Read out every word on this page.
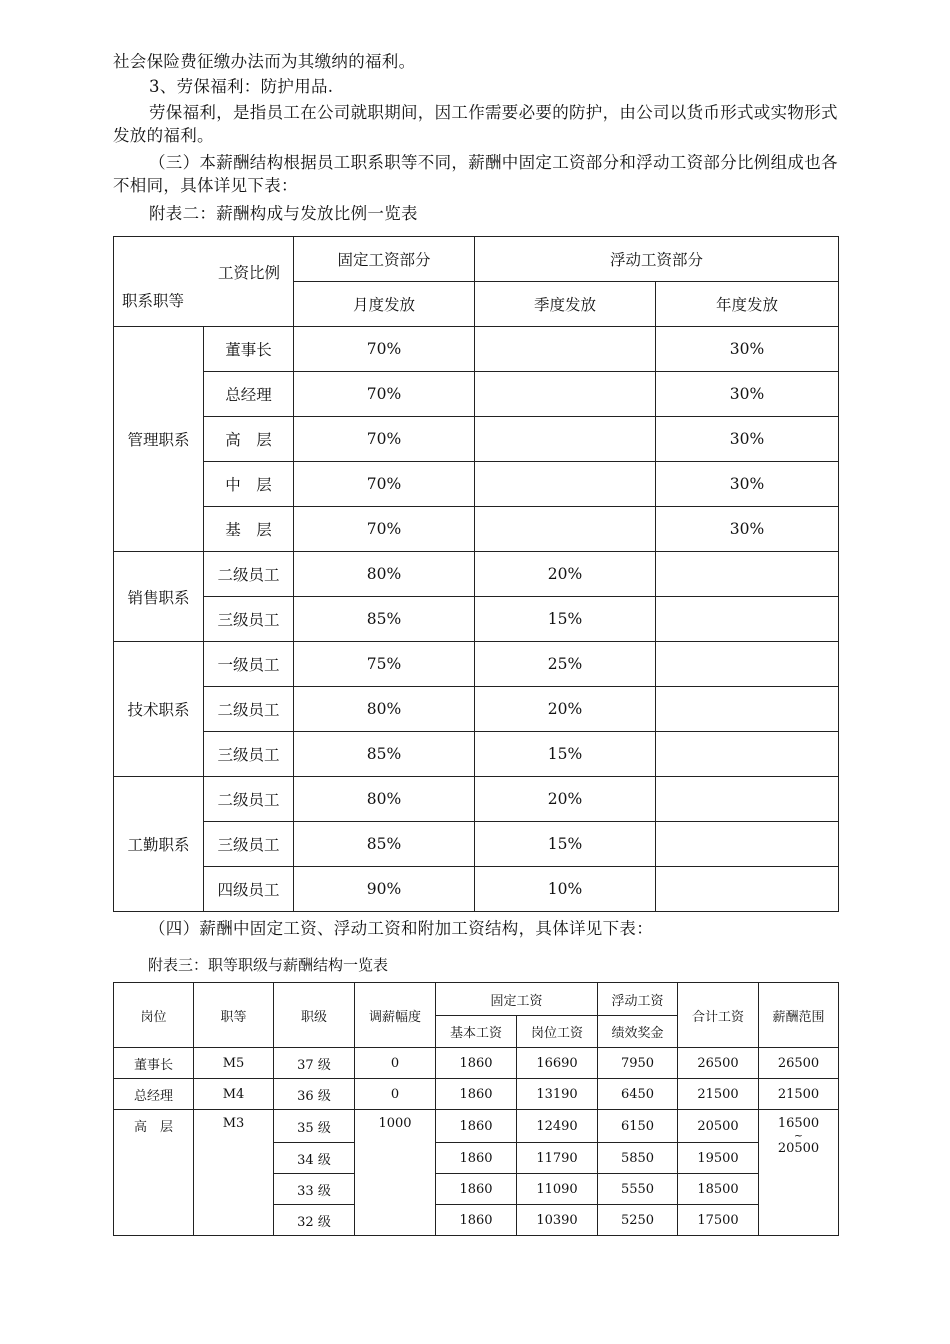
社会保险费征缴办法而为其缴纳的福利。
3、劳保福利：防护用品.
劳保福利，是指员工在公司就职期间，因工作需要必要的防护，由公司以货币形式或实物形式发放的福利。
（三）本薪酬结构根据员工职系职等不同，薪酬中固定工资部分和浮动工资部分比例组成也各不相同，具体详见下表：
附表二：薪酬构成与发放比例一览表
工资比例
职系职等		固定工资部分	浮动工资部分	
		月度发放	季度发放	年度发放
管理职系	董事长	70%		30%
	总经理	70%		30%
	高　层	70%		30%
	中　层	70%		30%
	基　层	70%		30%
销售职系	二级员工	80%	20%	
	三级员工	85%	15%	
技术职系	一级员工	75%	25%	
	二级员工	80%	20%	
	三级员工	85%	15%	
工勤职系	二级员工	80%	20%	
	三级员工	85%	15%	
	四级员工	90%	10%	
（四）薪酬中固定工资、浮动工资和附加工资结构，具体详见下表：
附表三：职等职级与薪酬结构一览表
岗位	职等	职级	调薪幅度	固定工资		浮动工资	合计工资	薪酬范围
				基本工资	岗位工资	绩效奖金		
董事长	M5	37 级	0	1860	16690	7950	26500	26500
总经理	M4	36 级	0	1860	13190	6450	21500	21500
高　层	M3	35 级	1000	1860	12490	6150	20500	16500
~
20500

		34 级		1860	11790	5850	19500	
		33 级		1860	11090	5550	18500	
		32 级		1860	10390	5250	17500	
